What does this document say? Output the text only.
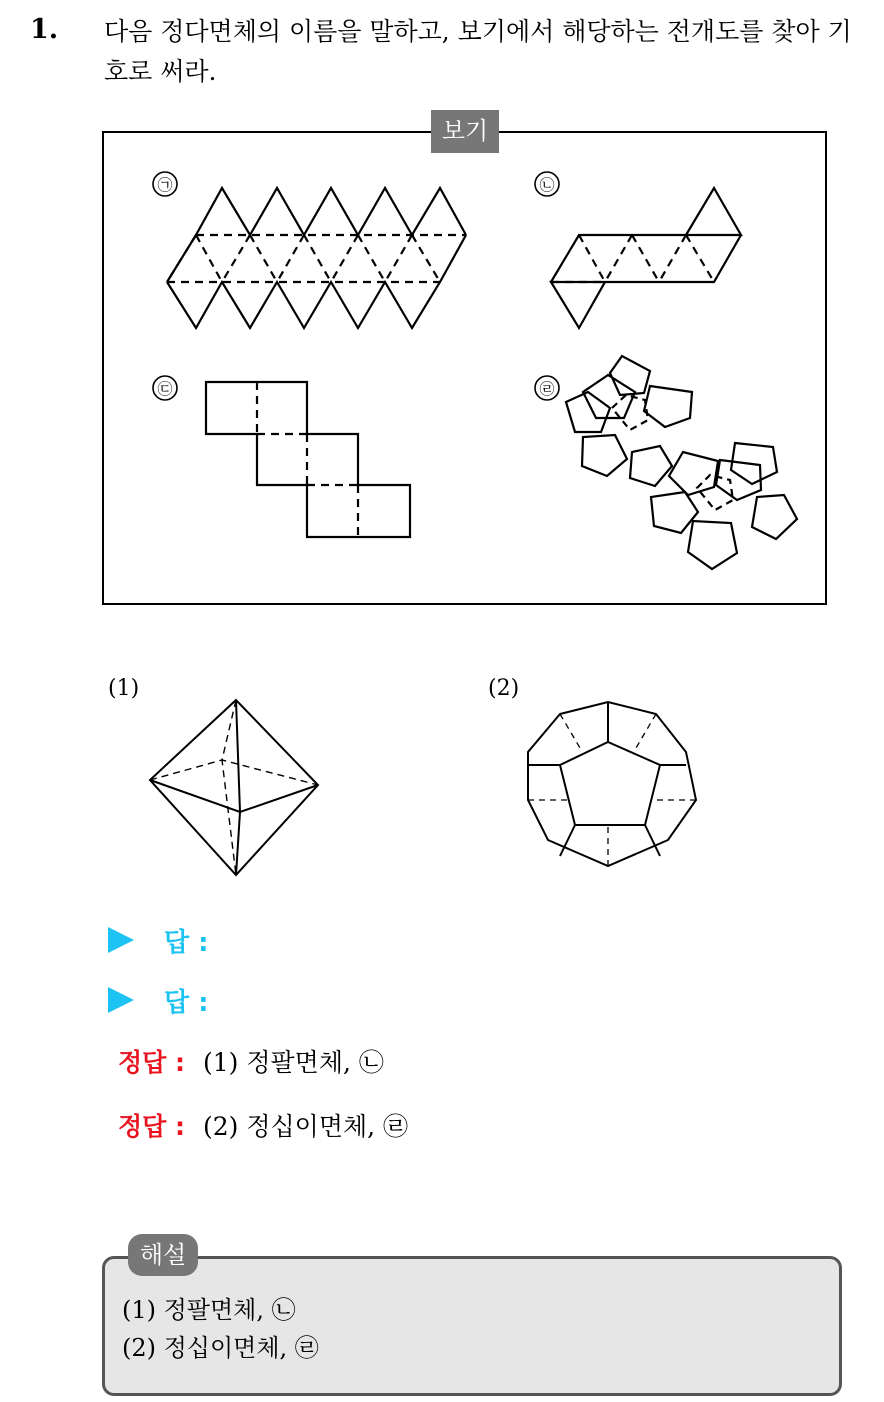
1. 다음 정다면체의 이름을 말하고, 보기에서 해당하는 전개도를 찾아 기호로 써라.
㉠	㉡
㉢	㉣
보기
(1)	(2)
답 :
답 :
정답 : (1) 정팔면체, ㉡
정답 : (2) 정십이면체, ㉣
해설
(1) 정팔면체, ㉡
(2) 정십이면체, ㉣
